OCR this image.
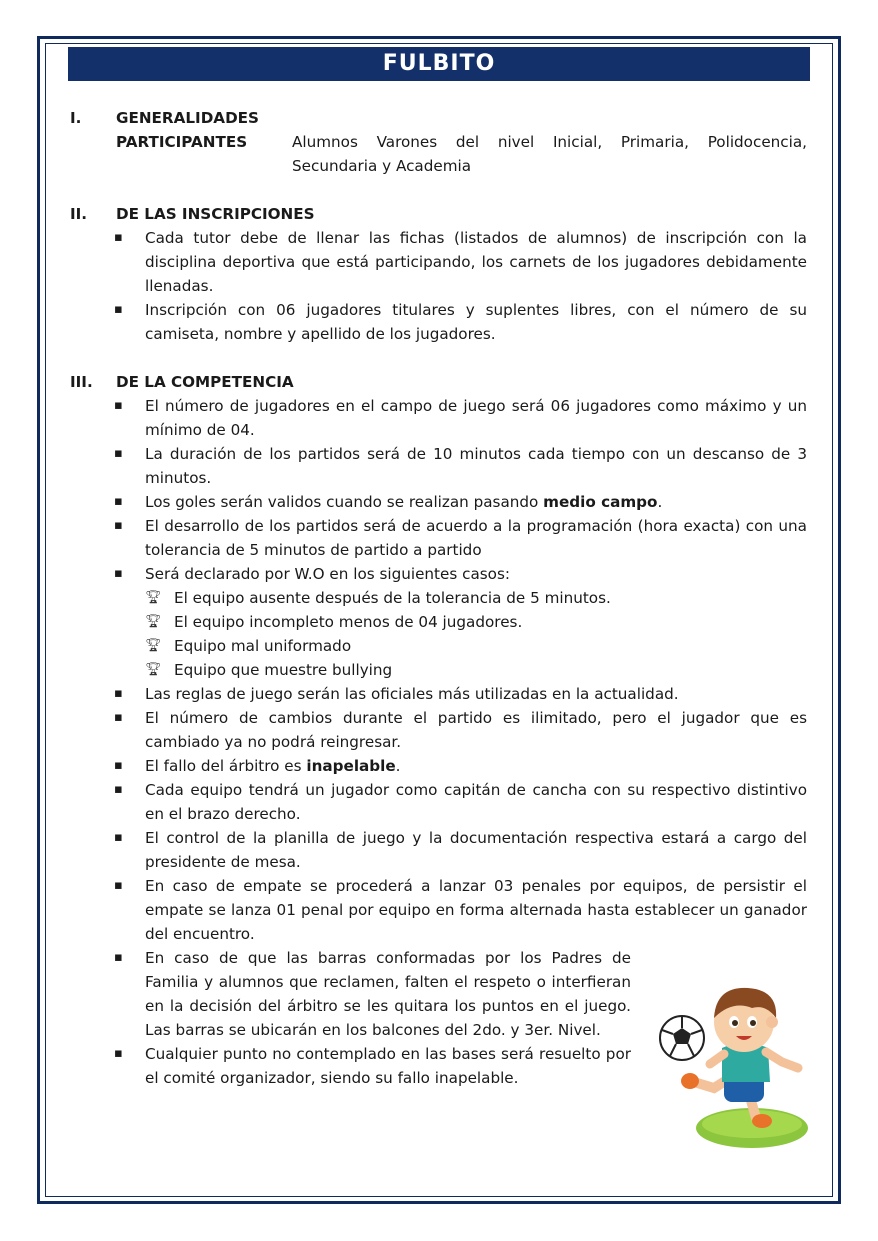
FULBITO
I. GENERALIDADES
PARTICIPANTES	Alumnos Varones del nivel Inicial, Primaria, Polidocencia, Secundaria y Academia
II. DE LAS INSCRIPCIONES
▪ Cada tutor debe de llenar las fichas (listados de alumnos) de inscripción con la disciplina deportiva que está participando, los carnets de los jugadores debidamente llenadas.
▪ Inscripción con 06 jugadores titulares y suplentes libres, con el número de su camiseta, nombre y apellido de los jugadores.
III. DE LA COMPETENCIA
▪ El número de jugadores en el campo de juego será 06 jugadores como máximo y un mínimo de 04.
▪ La duración de los partidos será de 10 minutos cada tiempo con un descanso de 3 minutos.
▪ Los goles serán validos cuando se realizan pasando medio campo.
▪ El desarrollo de los partidos será de acuerdo a la programación (hora exacta) con una tolerancia de 5 minutos de partido a partido
▪ Será declarado por W.O en los siguientes casos:
🏆︎ El equipo ausente después de la tolerancia de 5 minutos.
🏆︎ El equipo incompleto menos de 04 jugadores.
🏆︎ Equipo mal uniformado
🏆︎ Equipo que muestre bullying
▪ Las reglas de juego serán las oficiales más utilizadas en la actualidad.
▪ El número de cambios durante el partido es ilimitado, pero el jugador que es cambiado ya no podrá reingresar.
▪ El fallo del árbitro es inapelable.
▪ Cada equipo tendrá un jugador como capitán de cancha con su respectivo distintivo en el brazo derecho.
▪ El control de la planilla de juego y la documentación respectiva estará a cargo del presidente de mesa.
▪ En caso de empate se procederá a lanzar 03 penales por equipos, de persistir el empate se lanza 01 penal por equipo en forma alternada hasta establecer un ganador del encuentro.
▪ En caso de que las barras conformadas por los Padres de Familia y alumnos que reclamen, falten el respeto o interfieran en la decisión del árbitro se les quitara los puntos en el juego. Las barras se ubicarán en los balcones del 2do. y 3er. Nivel.
▪ Cualquier punto no contemplado en las bases será resuelto por el comité organizador, siendo su fallo inapelable.
